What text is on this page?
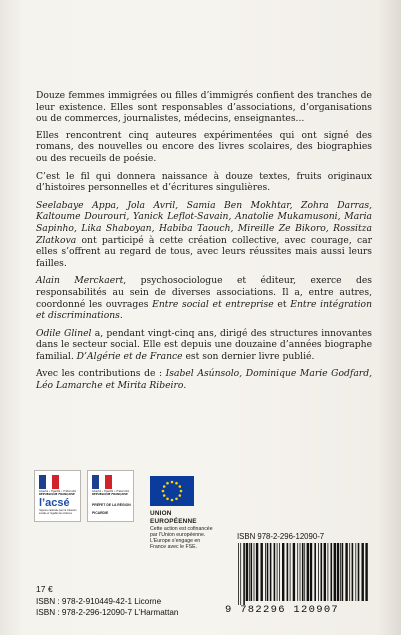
Douze femmes immigrées ou filles d’immigrés confient des tranches de leur existence. Elles sont responsables d’associations, d’organisations ou de commerces, journalistes, médecins, enseignantes...

Elles rencontrent cinq auteures expérimentées qui ont signé des romans, des nouvelles ou encore des livres scolaires, des biographies ou des recueils de poésie.

C’est le fil qui donnera naissance à douze textes, fruits originaux d’histoires personnelles et d’écritures singulières.

Seelabaye Appa, Jola Avril, Samia Ben Mokhtar, Zohra Darras, Kaltoume Dourouri, Yanick Leflot-Savain, Anatolie Mukamusoni, Maria Sapinho, Lika Shaboyan, Habiba Taouch, Mireille Ze Bikoro, Rossitza Zlatkova ont participé à cette création collective, avec courage, car elles s’offrent au regard de tous, avec leurs réussites mais aussi leurs failles.

Alain Merckaert, psychosociologue et éditeur, exerce des responsabilités au sein de diverses associations. Il a, entre autres, coordonné les ouvrages Entre social et entreprise et Entre intégration et discriminations.

Odile Glinel a, pendant vingt-cinq ans, dirigé des structures innovantes dans le secteur social. Elle est depuis une douzaine d’années biographe familial. D’Algérie et de France est son dernier livre publié.

Avec les contributions de : Isabel Asúnsolo, Dominique Marie Godfard, Léo Lamarche et Mirita Ribeiro.

Liberté • Égalité • Fraternité
RÉPUBLIQUE FRANÇAISE
l’acsé
l’agence nationale pour la cohésion sociale et l’égalité des chances
Liberté • Égalité • Fraternité
RÉPUBLIQUE FRANÇAISE
PRÉFET DE LA RÉGION
PICARDIE	UNION EUROPÉENNE
Cette action est cofinancée
par l’Union européenne.
L’Europe s’engage en
France avec le FSE.
ISBN 978-2-296-12090-7
9 782296 120907
17 €
ISBN : 978-2-910449-42-1 Licorne
ISBN : 978-2-296-12090-7 L’Harmattan
